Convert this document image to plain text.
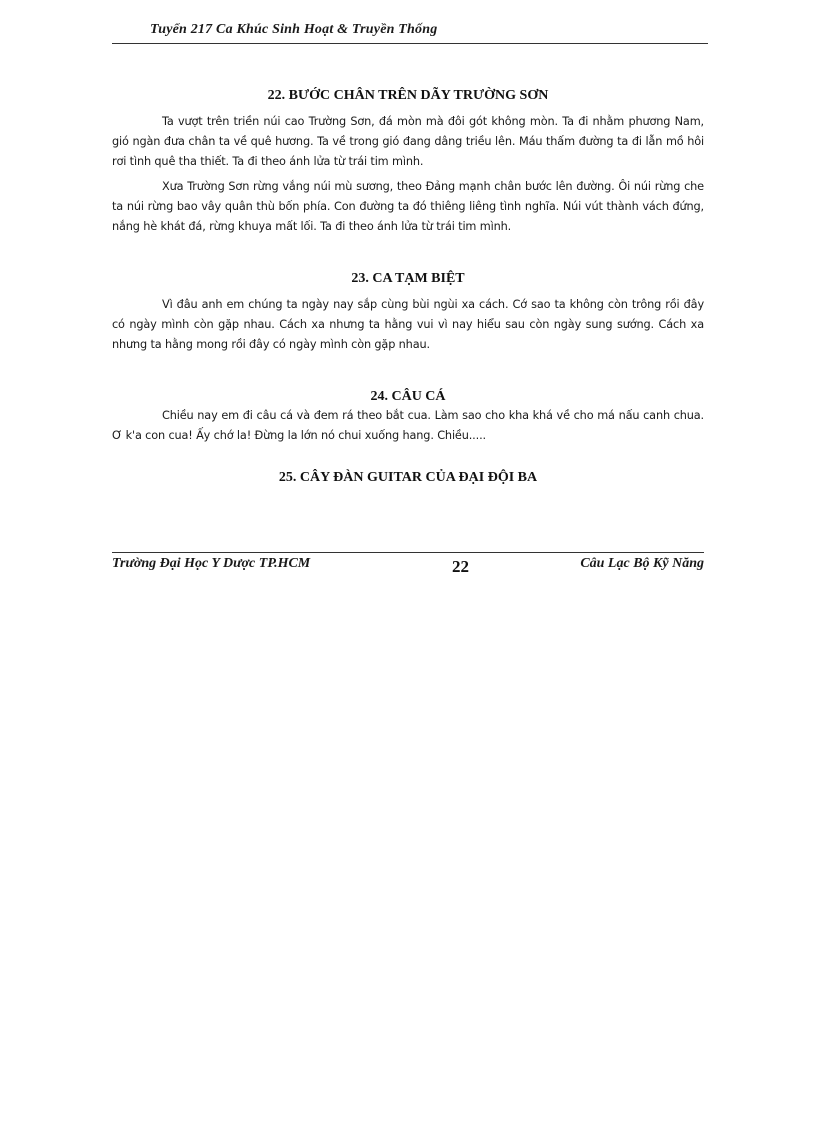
Tuyển 217 Ca Khúc Sinh Hoạt & Truyền Thống
22. BƯỚC CHÂN TRÊN DÃY TRƯỜNG SƠN

Ta vượt trên triền núi cao Trường Sơn, đá mòn mà đôi gót không mòn. Ta đi nhằm phương Nam, gió ngàn đưa chân ta về quê hương. Ta về trong gió đang dâng triều lên. Máu thấm đường ta đi lẫn mồ hôi rơi tình quê tha thiết. Ta đi theo ánh lửa từ trái tim mình.

Xưa Trường Sơn rừng vắng núi mù sương, theo Đảng mạnh chân bước lên đường. Ôi núi rừng che ta núi rừng bao vây quân thù bốn phía. Con đường ta đó thiêng liêng tình nghĩa. Núi vút thành vách đứng, nắng hè khát đá, rừng khuya mất lối. Ta đi theo ánh lửa từ trái tim mình.

23. CA TẠM BIỆT

Vì đâu anh em chúng ta ngày nay sắp cùng bùi ngùi xa cách. Cớ sao ta không còn trông rồi đây có ngày mình còn gặp nhau. Cách xa nhưng ta hằng vui vì nay hiểu sau còn ngày sung sướng. Cách xa nhưng ta hằng mong rồi đây có ngày mình còn gặp nhau.

24. CÂU CÁ

Chiều nay em đi câu cá và đem rá theo bắt cua. Làm sao cho kha khá về cho má nấu canh chua. Ơ k'a con cua! Ấy chớ la! Đừng la lớn nó chui xuống hang. Chiều.....

25. CÂY ĐÀN GUITAR CỦA ĐẠI ĐỘI BA
Trường Đại Học Y Dược TP.HCM	22	Câu Lạc Bộ Kỹ Năng
